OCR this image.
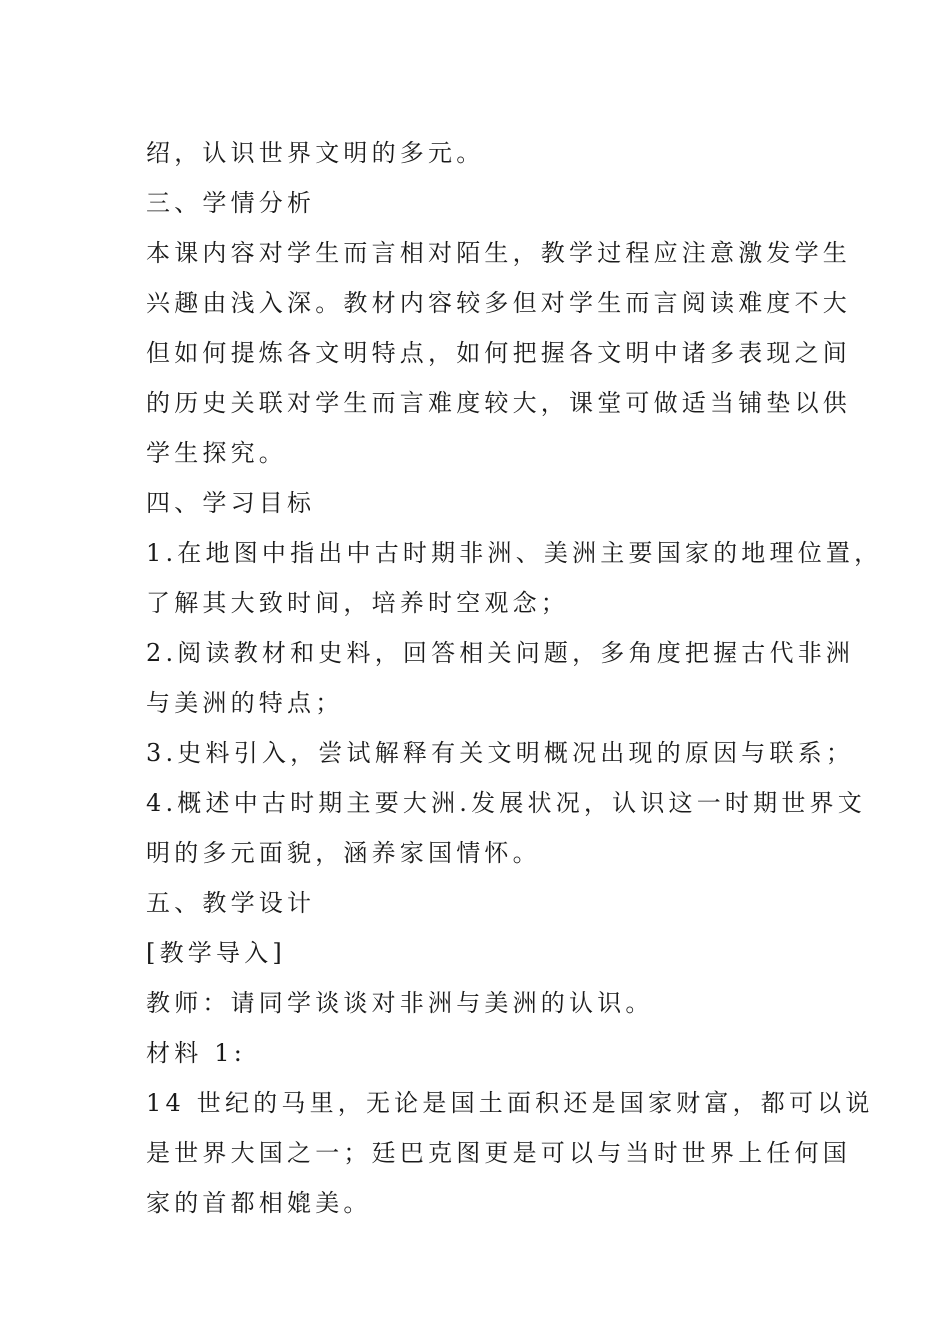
绍，认识世界文明的多元。
三、学情分析
本课内容对学生而言相对陌生，教学过程应注意激发学生
兴趣由浅入深。教材内容较多但对学生而言阅读难度不大
但如何提炼各文明特点，如何把握各文明中诸多表现之间
的历史关联对学生而言难度较大，课堂可做适当铺垫以供
学生探究。
四、学习目标
1.在地图中指出中古时期非洲、美洲主要国家的地理位置，
了解其大致时间，培养时空观念；
2.阅读教材和史料，回答相关问题，多角度把握古代非洲
与美洲的特点；
3.史料引入，尝试解释有关文明概况出现的原因与联系；
4.概述中古时期主要大洲.发展状况，认识这一时期世界文
明的多元面貌，涵养家国情怀。
五、教学设计
[教学导入]
教师：请同学谈谈对非洲与美洲的认识。
材料 1:
14 世纪的马里，无论是国土面积还是国家财富，都可以说
是世界大国之一；廷巴克图更是可以与当时世界上任何国
家的首都相媲美。
